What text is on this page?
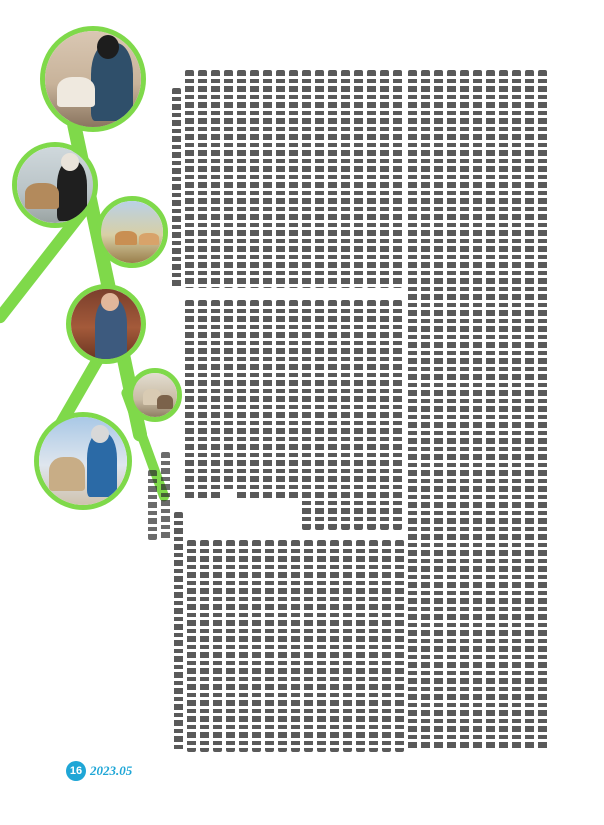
16 2023.05
